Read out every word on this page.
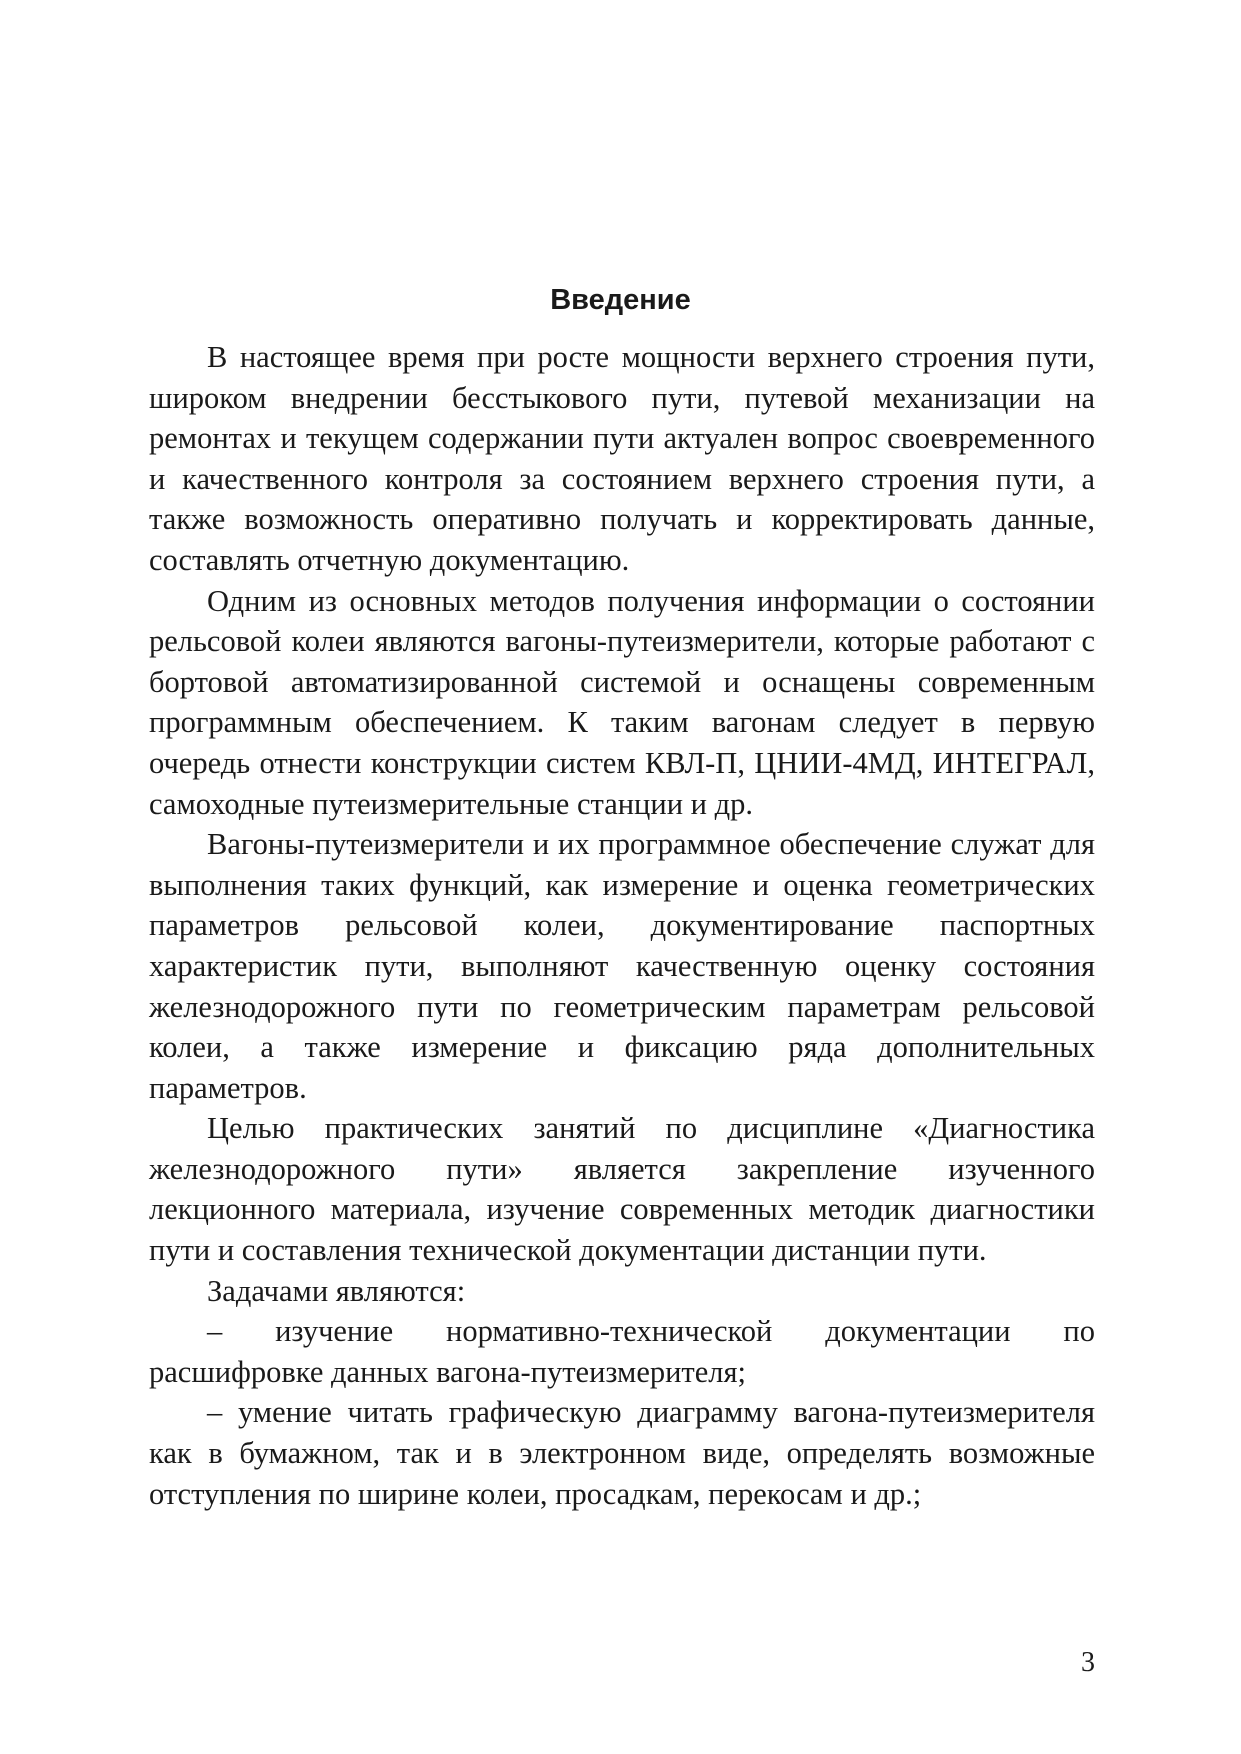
Введение

В настоящее время при росте мощности верхнего строения пути, широком внедрении бесстыкового пути, путевой механизации на ремонтах и текущем содержании пути актуален вопрос своевременного и качественного контроля за состоянием верхнего строения пути, а также возможность оперативно получать и корректировать данные, составлять отчетную документацию.

Одним из основных методов получения информации о состоянии рельсовой колеи являются вагоны-путеизмерители, которые работают с бортовой автоматизированной системой и оснащены современным программным обеспечением. К таким вагонам следует в первую очередь отнести конструкции систем КВЛ-П, ЦНИИ-4МД, ИНТЕГРАЛ, самоходные путеизмерительные станции и др.

Вагоны-путеизмерители и их программное обеспечение служат для выполнения таких функций, как измерение и оценка геометрических параметров рельсовой колеи, документирование паспортных характеристик пути, выполняют качественную оценку состояния железнодорожного пути по геометрическим параметрам рельсовой колеи, а также измерение и фиксацию ряда дополнительных параметров.

Целью практических занятий по дисциплине «Диагностика железнодорожного пути» является закрепление изученного лекционного материала, изучение современных методик диагностики пути и составления технической документации дистанции пути.

Задачами являются:

– изучение нормативно-технической документации по расшифровке данных вагона-путеизмерителя;

– умение читать графическую диаграмму вагона-путеизмерителя как в бумажном, так и в электронном виде, определять возможные отступления по ширине колеи, просадкам, перекосам и др.;

3
